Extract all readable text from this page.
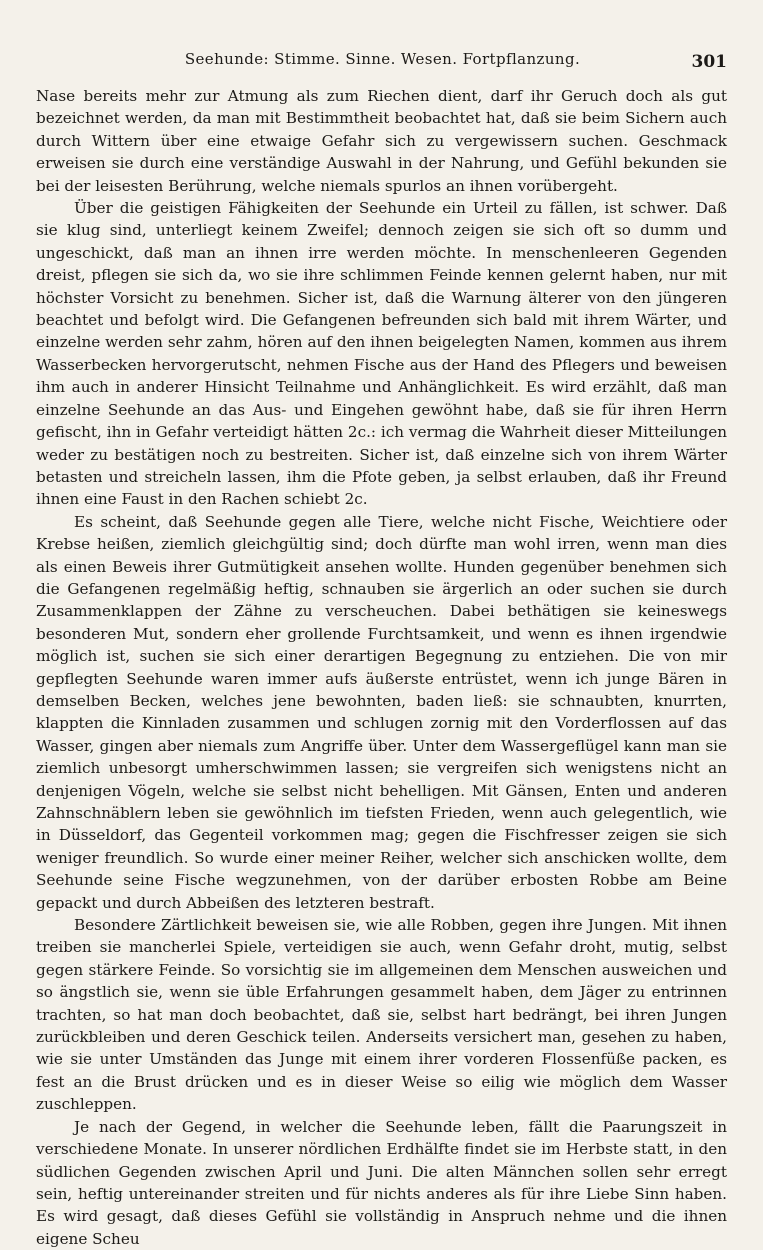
Seehunde: Stimme. Sinne. Wesen. Fortpflanzung.	301

Nase bereits mehr zur Atmung als zum Riechen dient, darf ihr Geruch doch als gut bezeichnet werden, da man mit Bestimmtheit beobachtet hat, daß sie beim Sichern auch durch Wittern über eine etwaige Gefahr sich zu vergewissern suchen. Geschmack erweisen sie durch eine verständige Auswahl in der Nahrung, und Gefühl bekunden sie bei der leisesten Berührung, welche niemals spurlos an ihnen vorübergeht.

Über die geistigen Fähigkeiten der Seehunde ein Urteil zu fällen, ist schwer. Daß sie klug sind, unterliegt keinem Zweifel; dennoch zeigen sie sich oft so dumm und ungeschickt, daß man an ihnen irre werden möchte. In menschenleeren Gegenden dreist, pflegen sie sich da, wo sie ihre schlimmen Feinde kennen gelernt haben, nur mit höchster Vorsicht zu benehmen. Sicher ist, daß die Warnung älterer von den jüngeren beachtet und befolgt wird. Die Gefangenen befreunden sich bald mit ihrem Wärter, und einzelne werden sehr zahm, hören auf den ihnen beigelegten Namen, kommen aus ihrem Wasserbecken hervorgerutscht, nehmen Fische aus der Hand des Pflegers und beweisen ihm auch in anderer Hinsicht Teilnahme und Anhänglichkeit. Es wird erzählt, daß man einzelne Seehunde an das Aus- und Eingehen gewöhnt habe, daß sie für ihren Herrn gefischt, ihn in Gefahr verteidigt hätten 2c.: ich vermag die Wahrheit dieser Mitteilungen weder zu bestätigen noch zu bestreiten. Sicher ist, daß einzelne sich von ihrem Wärter betasten und streicheln lassen, ihm die Pfote geben, ja selbst erlauben, daß ihr Freund ihnen eine Faust in den Rachen schiebt 2c.

Es scheint, daß Seehunde gegen alle Tiere, welche nicht Fische, Weichtiere oder Krebse heißen, ziemlich gleichgültig sind; doch dürfte man wohl irren, wenn man dies als einen Beweis ihrer Gutmütigkeit ansehen wollte. Hunden gegenüber benehmen sich die Gefangenen regelmäßig heftig, schnauben sie ärgerlich an oder suchen sie durch Zusammenklappen der Zähne zu verscheuchen. Dabei bethätigen sie keineswegs besonderen Mut, sondern eher grollende Furchtsamkeit, und wenn es ihnen irgendwie möglich ist, suchen sie sich einer derartigen Begegnung zu entziehen. Die von mir gepflegten Seehunde waren immer aufs äußerste entrüstet, wenn ich junge Bären in demselben Becken, welches jene bewohnten, baden ließ: sie schnaubten, knurrten, klappten die Kinnladen zusammen und schlugen zornig mit den Vorderflossen auf das Wasser, gingen aber niemals zum Angriffe über. Unter dem Wassergeflügel kann man sie ziemlich unbesorgt umherschwimmen lassen; sie vergreifen sich wenigstens nicht an denjenigen Vögeln, welche sie selbst nicht behelligen. Mit Gänsen, Enten und anderen Zahnschnäblern leben sie gewöhnlich im tiefsten Frieden, wenn auch gelegentlich, wie in Düsseldorf, das Gegenteil vorkommen mag; gegen die Fischfresser zeigen sie sich weniger freundlich. So wurde einer meiner Reiher, welcher sich anschicken wollte, dem Seehunde seine Fische wegzunehmen, von der darüber erbosten Robbe am Beine gepackt und durch Abbeißen des letzteren bestraft.

Besondere Zärtlichkeit beweisen sie, wie alle Robben, gegen ihre Jungen. Mit ihnen treiben sie mancherlei Spiele, verteidigen sie auch, wenn Gefahr droht, mutig, selbst gegen stärkere Feinde. So vorsichtig sie im allgemeinen dem Menschen ausweichen und so ängstlich sie, wenn sie üble Erfahrungen gesammelt haben, dem Jäger zu entrinnen trachten, so hat man doch beobachtet, daß sie, selbst hart bedrängt, bei ihren Jungen zurückbleiben und deren Geschick teilen. Anderseits versichert man, gesehen zu haben, wie sie unter Umständen das Junge mit einem ihrer vorderen Flossenfüße packen, es fest an die Brust drücken und es in dieser Weise so eilig wie möglich dem Wasser zuschleppen.

Je nach der Gegend, in welcher die Seehunde leben, fällt die Paarungszeit in verschiedene Monate. In unserer nördlichen Erdhälfte findet sie im Herbste statt, in den südlichen Gegenden zwischen April und Juni. Die alten Männchen sollen sehr erregt sein, heftig untereinander streiten und für nichts anderes als für ihre Liebe Sinn haben. Es wird gesagt, daß dieses Gefühl sie vollständig in Anspruch nehme und die ihnen eigene Scheu
